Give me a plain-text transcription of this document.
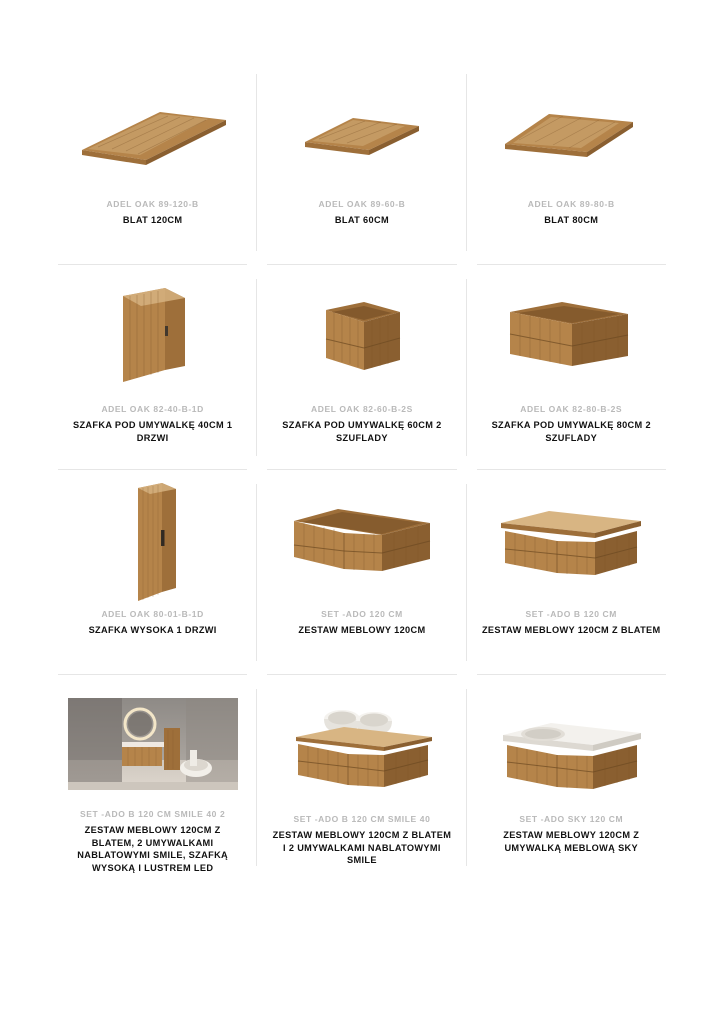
ADEL OAK 89-120-B
BLAT 120CM
ADEL OAK 89-60-B
BLAT 60CM
ADEL OAK 89-80-B
BLAT 80CM
ADEL OAK 82-40-B-1D
SZAFKA POD UMYWALKĘ 40CM 1 DRZWI
ADEL OAK 82-60-B-2S
SZAFKA POD UMYWALKĘ 60CM 2 SZUFLADY
ADEL OAK 82-80-B-2S
SZAFKA POD UMYWALKĘ 80CM 2 SZUFLADY
ADEL OAK 80-01-B-1D
SZAFKA WYSOKA 1 DRZWI
SET -ADO 120 CM
ZESTAW MEBLOWY 120CM
SET -ADO B 120 CM
ZESTAW MEBLOWY 120CM Z BLATEM
SET -ADO B 120 CM SMILE 40 2
ZESTAW MEBLOWY 120CM Z BLATEM, 2 UMYWALKAMI NABLATOWYMI SMILE, SZAFKĄ WYSOKĄ I LUSTREM LED
SET -ADO B 120 CM SMILE 40
ZESTAW MEBLOWY 120CM Z BLATEM I 2 UMYWALKAMI NABLATOWYMI SMILE
SET -ADO SKY 120 CM
ZESTAW MEBLOWY 120CM Z UMYWALKĄ MEBLOWĄ SKY
